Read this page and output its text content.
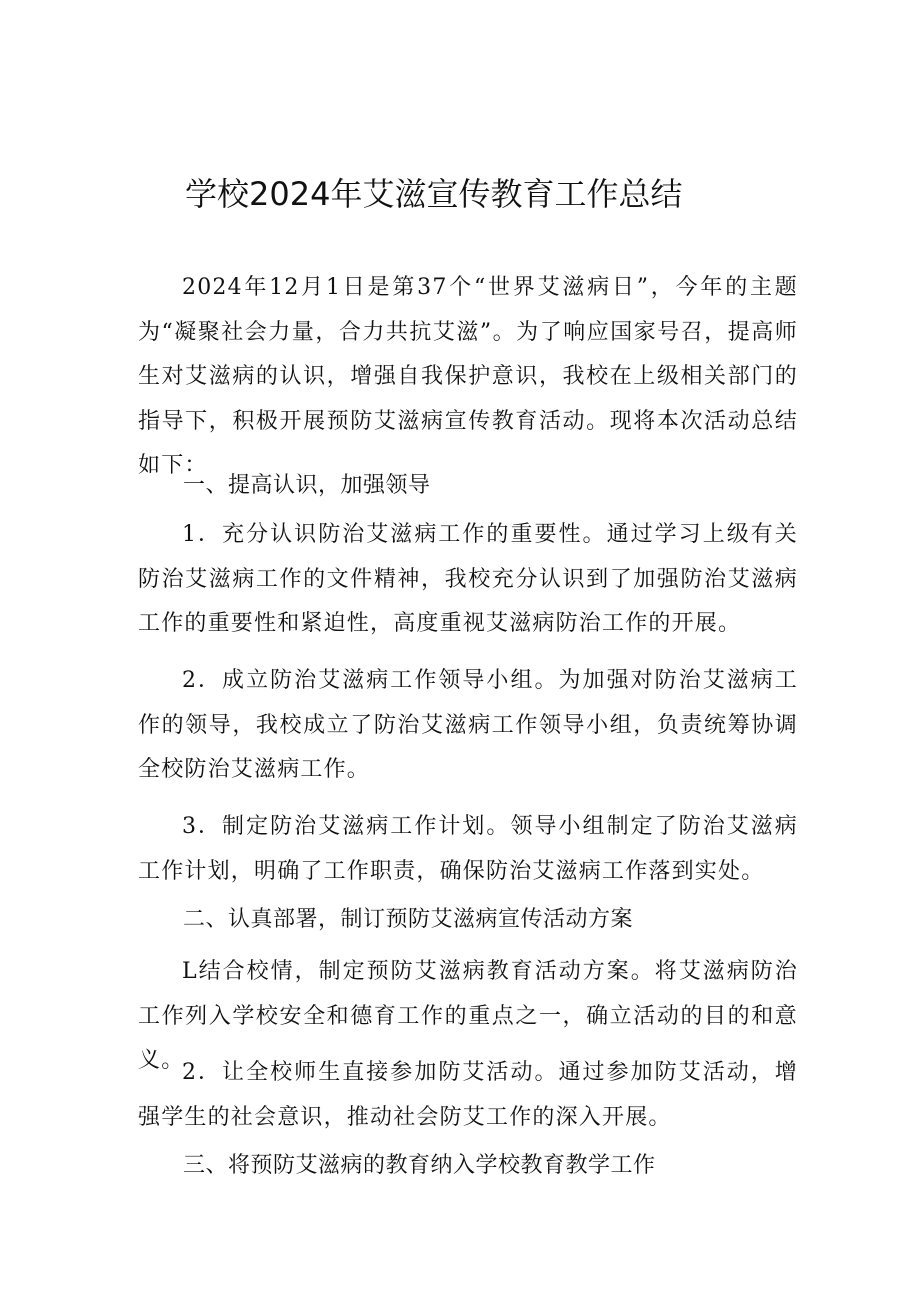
学校2024年艾滋宣传教育工作总结

2024年12月1日是第37个“世界艾滋病日”，今年的主题为“凝聚社会力量，合力共抗艾滋”。为了响应国家号召，提高师生对艾滋病的认识，增强自我保护意识，我校在上级相关部门的指导下，积极开展预防艾滋病宣传教育活动。现将本次活动总结如下：

一、提高认识，加强领导

1．充分认识防治艾滋病工作的重要性。通过学习上级有关防治艾滋病工作的文件精神，我校充分认识到了加强防治艾滋病工作的重要性和紧迫性，高度重视艾滋病防治工作的开展。

2．成立防治艾滋病工作领导小组。为加强对防治艾滋病工作的领导，我校成立了防治艾滋病工作领导小组，负责统筹协调全校防治艾滋病工作。

3．制定防治艾滋病工作计划。领导小组制定了防治艾滋病工作计划，明确了工作职责，确保防治艾滋病工作落到实处。

二、认真部署，制订预防艾滋病宣传活动方案

L结合校情，制定预防艾滋病教育活动方案。将艾滋病防治工作列入学校安全和德育工作的重点之一，确立活动的目的和意义。

2．让全校师生直接参加防艾活动。通过参加防艾活动，增强学生的社会意识，推动社会防艾工作的深入开展。

三、将预防艾滋病的教育纳入学校教育教学工作
